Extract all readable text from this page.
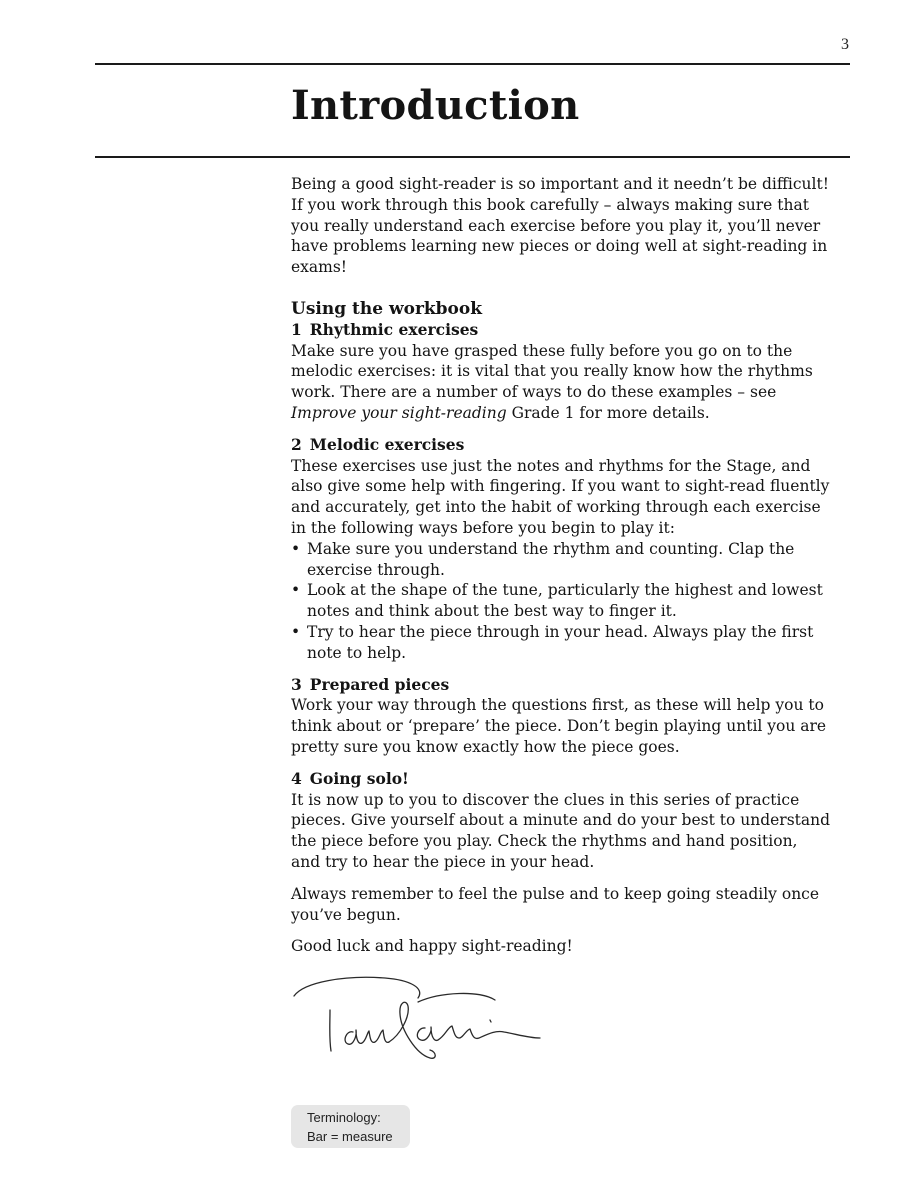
3
Introduction

Being a good sight-reader is so important and it needn’t be difficult! If you work through this book carefully – always making sure that you really understand each exercise before you play it, you’ll never have problems learning new pieces or doing well at sight-reading in exams!

Using the workbook

1 Rhythmic exercises

Make sure you have grasped these fully before you go on to the melodic exercises: it is vital that you really know how the rhythms work. There are a number of ways to do these examples – see Improve your sight-reading Grade 1 for more details.

2 Melodic exercises

These exercises use just the notes and rhythms for the Stage, and also give some help with fingering. If you want to sight-read fluently and accurately, get into the habit of working through each exercise in the following ways before you begin to play it:

• Make sure you understand the rhythm and counting. Clap the exercise through.
• Look at the shape of the tune, particularly the highest and lowest notes and think about the best way to finger it.
• Try to hear the piece through in your head. Always play the first note to help.

3 Prepared pieces

Work your way through the questions first, as these will help you to think about or ‘prepare’ the piece. Don’t begin playing until you are pretty sure you know exactly how the piece goes.

4 Going solo!

It is now up to you to discover the clues in this series of practice pieces. Give yourself about a minute and do your best to understand the piece before you play. Check the rhythms and hand position, and try to hear the piece in your head.

Always remember to feel the pulse and to keep going steadily once you’ve begun.

Good luck and happy sight-reading!

Terminology:
Bar = measure
